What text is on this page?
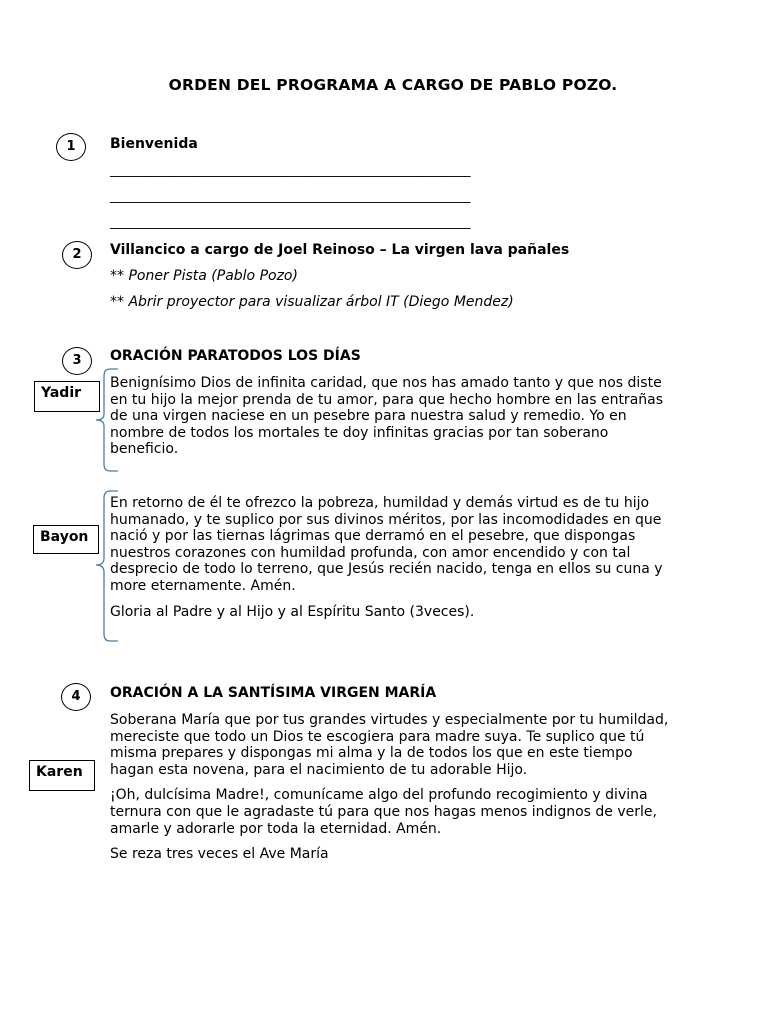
ORDEN DEL PROGRAMA A CARGO DE PABLO POZO.
1	Bienvenida
_____________________________________________________________
_____________________________________________________________
_____________________________________________________________
2	Villancico a cargo de Joel Reinoso – La virgen lava pañales
** Poner Pista (Pablo Pozo)
** Abrir proyector para visualizar árbol IT (Diego Mendez)
3	ORACIÓN PARATODOS LOS DÍAS

Benignísimo Dios de infinita caridad, que nos has amado tanto y que nos diste en tu hijo la mejor prenda de tu amor, para que hecho hombre en las entrañas de una virgen naciese en un pesebre para nuestra salud y remedio. Yo en nombre de todos los mortales te doy infinitas gracias por tan soberano beneficio.

En retorno de él te ofrezco la pobreza, humildad y demás virtud es de tu hijo humanado, y te suplico por sus divinos méritos, por las incomodidades en que nació y por las tiernas lágrimas que derramó en el pesebre, que dispongas nuestros corazones con humildad profunda, con amor encendido y con tal desprecio de todo lo terreno, que Jesús recién nacido, tenga en ellos su cuna y more eternamente. Amén.

Gloria al Padre y al Hijo y al Espíritu Santo (3veces).

4	ORACIÓN A LA SANTÍSIMA VIRGEN MARÍA

Soberana María que por tus grandes virtudes y especialmente por tu humildad, mereciste que todo un Dios te escogiera para madre suya. Te suplico que tú misma prepares y dispongas mi alma y la de todos los que en este tiempo hagan esta novena, para el nacimiento de tu adorable Hijo.

¡Oh, dulcísima Madre!, comunícame algo del profundo recogimiento y divina ternura con que le agradaste tú para que nos hagas menos indignos de verle, amarle y adorarle por toda la eternidad. Amén.

Se reza tres veces el Ave María

Yadir
Bayon
Karen
